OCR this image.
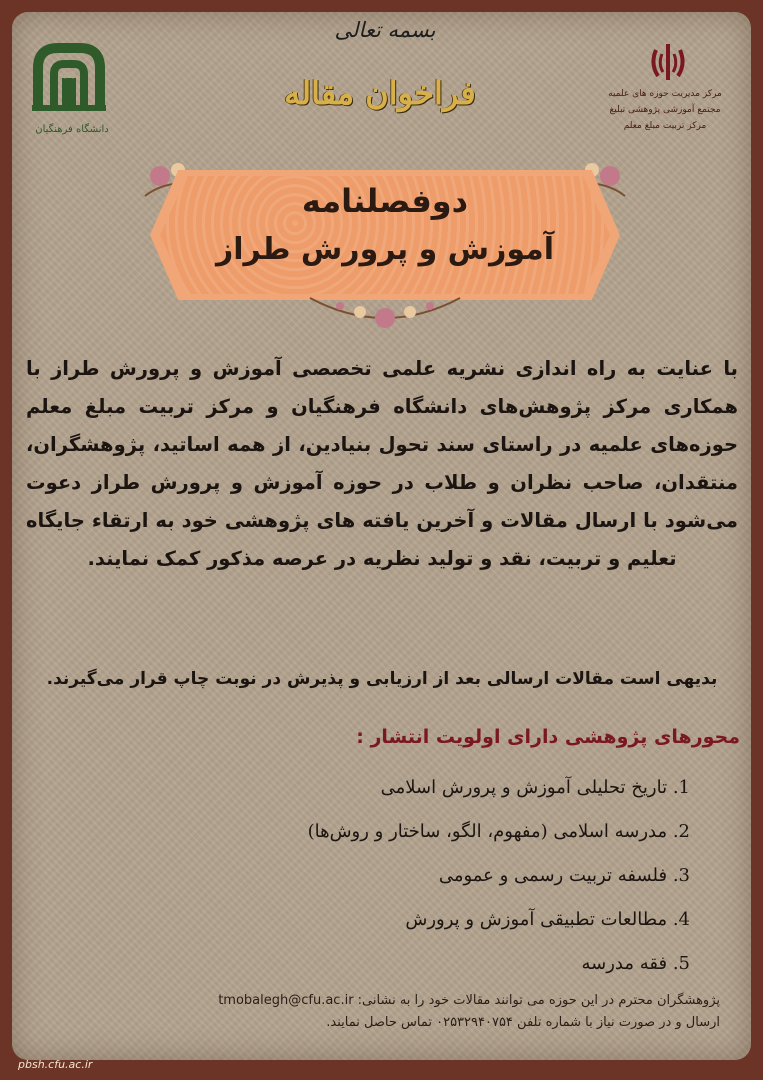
دانشگاه فرهنگیان
مرکز مدیریت حوزه های علمیه
مجتمع آموزشی پژوهشی تبلیغ
مرکز تربیت مبلغ معلم
بسمه تعالی
فراخوان مقاله
دوفصلنامه
آموزش و پرورش طراز
با عنایت به راه اندازی نشریه علمی تخصصی آموزش و پرورش طراز با همکاری مرکز پژوهش‌های دانشگاه فرهنگیان و مرکز تربیت مبلغ معلم حوزه‌های علمیه در راستای سند تحول بنیادین، از همه اساتید، پژوهشگران، منتقدان، صاحب نظران و طلاب در حوزه آموزش و پرورش طراز دعوت می‌شود با ارسال مقالات و آخرین یافته های پژوهشی خود به ارتقاء جایگاه تعلیم و تربیت، نقد و تولید نظریه در عرصه مذکور کمک نمایند.
بدیهی است مقالات ارسالی بعد از ارزیابی و پذیرش در نوبت چاپ قرار می‌گیرند.
محورهای پژوهشی دارای اولویت انتشار :
1. تاریخ تحلیلی آموزش و پرورش اسلامی
2. مدرسه اسلامی (مفهوم، الگو، ساختار و روش‌ها)
3. فلسفه تربیت رسمی و عمومی
4. مطالعات تطبیقی آموزش و پرورش
5. فقه مدرسه
پژوهشگران محترم در این حوزه می توانند مقالات خود را به نشانی: tmobalegh@cfu.ac.ir
ارسال و در صورت نیاز با شماره تلفن ۰۲۵۳۲۹۴۰۷۵۴ تماس حاصل نمایند.
pbsh.cfu.ac.ir
